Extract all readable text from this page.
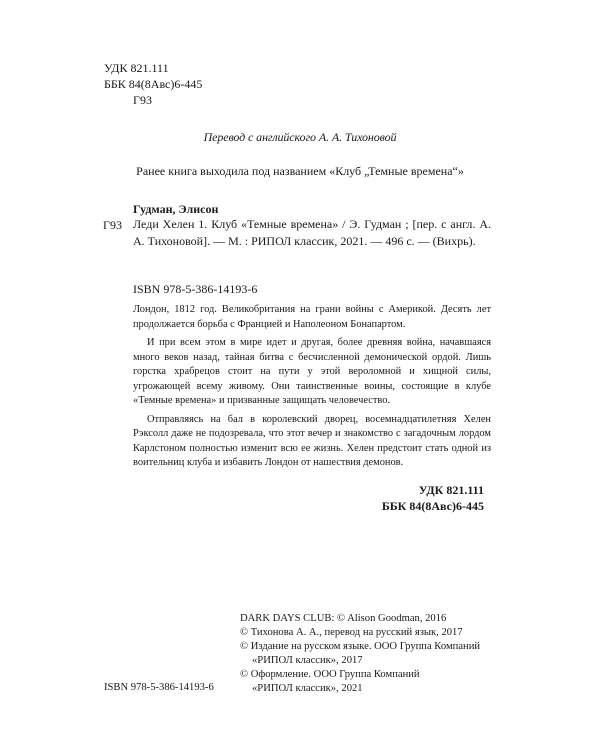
УДК 821.111
ББК 84(8Авс)6-445
Г93
Перевод с английского А. А. Тихоновой
Ранее книга выходила под названием «Клуб „Темные времена“»
Г93
Гудман, Элисон
Леди Хелен 1. Клуб «Темные времена» / Э. Гудман ; [пер. с англ. А. А. Тихоновой]. — М. : РИПОЛ классик, 2021. — 496 с. — (Вихрь).
ISBN 978-5-386-14193-6

Лондон, 1812 год. Великобритания на грани войны с Америкой. Десять лет продолжается борьба с Францией и Наполеоном Бонапартом.

И при всем этом в мире идет и другая, более древняя война, начавшаяся много веков назад, тайная битва с бесчисленной демонической ордой. Лишь горстка храбрецов стоит на пути у этой вероломной и хищной силы, угрожающей всему живому. Они таинственные воины, состоящие в клубе «Темные времена» и призванные защищать человечество.

Отправляясь на бал в королевский дворец, восемнадцатилетняя Хелен Рэксолл даже не подозревала, что этот вечер и знакомство с загадочным лордом Карлстоном полностью изменит всю ее жизнь. Хелен предстоит стать одной из воительниц клуба и избавить Лондон от нашествия демонов.

УДК 821.111
ББК 84(8Авс)6-445
DARK DAYS CLUB: © Alison Goodman, 2016
© Тихонова А. А., перевод на русский язык, 2017
© Издание на русском языке. ООО Группа Компаний
«РИПОЛ классик», 2017
© Оформление. ООО Группа Компаний
«РИПОЛ классик», 2021
ISBN 978-5-386-14193-6
